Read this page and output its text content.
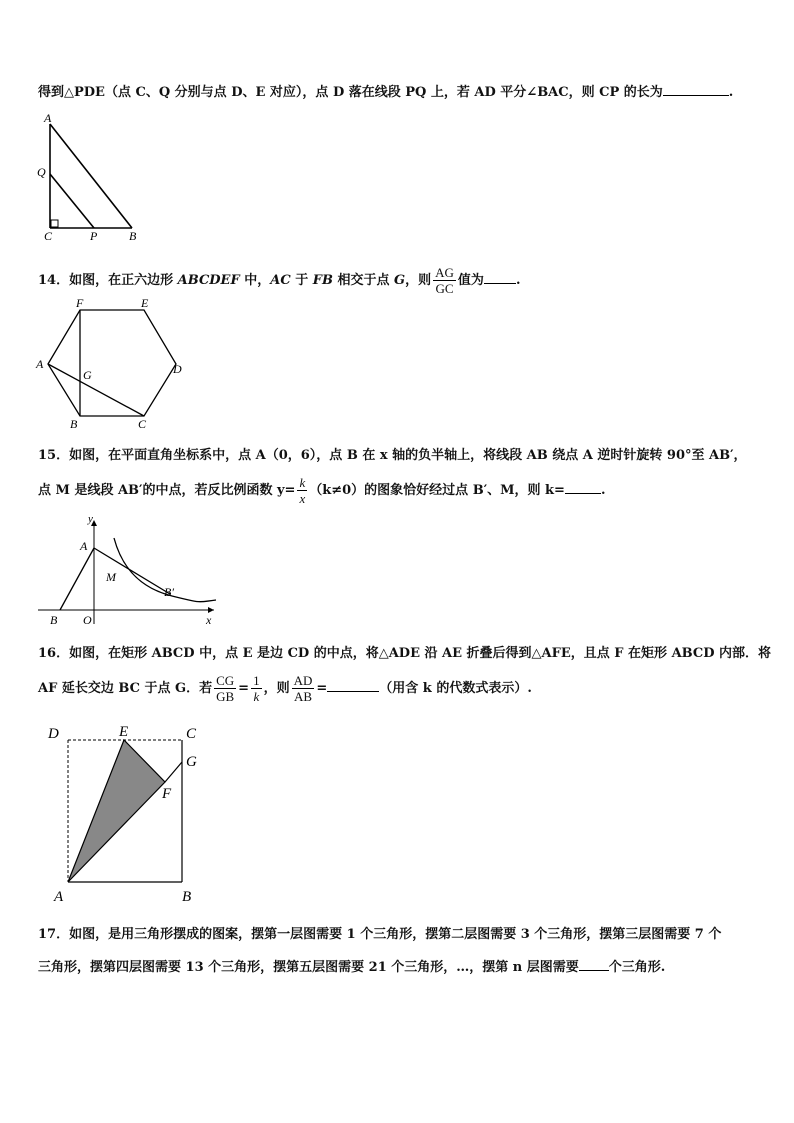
得到△PDE（点 C、Q 分别与点 D、E 对应），点 D 落在线段 PQ 上，若 AD 平分∠BAC，则 CP 的长为	.
A
Q
C	P	B
14．如图，在正六边形 ABCDEF 中，AC 于 FB 相交于点 G，则 $\frac{AG}{GC}$ 值为 .
F	E
A
G	D
B	C
15．如图，在平面直角坐标系中，点 A（0，6），点 B 在 x 轴的负半轴上，将线段 AB 绕点 A 逆时针旋转 90°至 AB′，
点 M 是线段 AB′的中点，若反比例函数 $y= \frac{k}{x} (k\ne 0)$的图象恰好经过点 B′、M，则 k=	.
y
A
M
B′
B O	x
16．如图，在矩形 ABCD 中，点 E 是边 CD 的中点，将△ADE 沿 AE 折叠后得到△AFE，且点 F 在矩形 ABCD 内部．将
AF 延长交边 BC 于点 G．若 $\frac{CG}{GB} = \frac{1}{k}$ ，则 $\frac{AD}{AB}$ =	（用含 k 的代数式表示）.
D	E	C
G
F
A	B
17．如图，是用三角形摆成的图案，摆第一层图需要 1 个三角形，摆第二层图需要 3 个三角形，摆第三层图需要 7 个
三角形，摆第四层图需要 13 个三角形，摆第五层图需要 21 个三角形，…，摆第 n 层图需要 个三角形.
